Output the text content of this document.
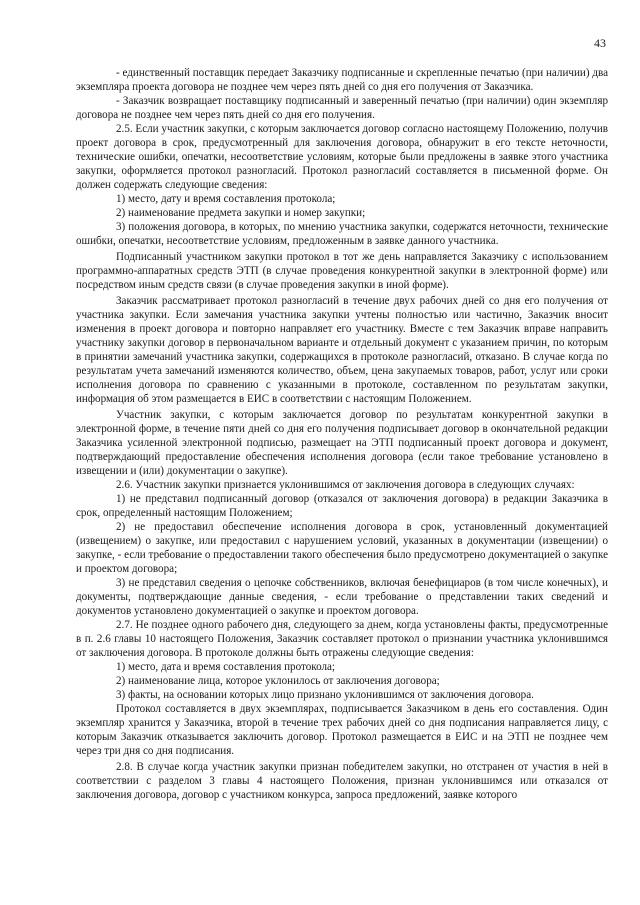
43

- единственный поставщик передает Заказчику подписанные и скрепленные печатью (при наличии) два экземпляра проекта договора не позднее чем через пять дней со дня его получения от Заказчика.

- Заказчик возвращает поставщику подписанный и заверенный печатью (при наличии) один экземпляр договора не позднее чем через пять дней со дня его получения.

2.5. Если участник закупки, с которым заключается договор согласно настоящему Положению, получив проект договора в срок, предусмотренный для заключения договора, обнаружит в его тексте неточности, технические ошибки, опечатки, несоответствие условиям, которые были предложены в заявке этого участника закупки, оформляется протокол разногласий. Протокол разногласий составляется в письменной форме. Он должен содержать следующие сведения:

1) место, дату и время составления протокола;

2) наименование предмета закупки и номер закупки;

3) положения договора, в которых, по мнению участника закупки, содержатся неточности, технические ошибки, опечатки, несоответствие условиям, предложенным в заявке данного участника.

Подписанный участником закупки протокол в тот же день направляется Заказчику с использованием программно-аппаратных средств ЭТП (в случае проведения конкурентной закупки в электронной форме) или посредством иным средств связи (в случае проведения закупки в иной форме).

Заказчик рассматривает протокол разногласий в течение двух рабочих дней со дня его получения от участника закупки. Если замечания участника закупки учтены полностью или частично, Заказчик вносит изменения в проект договора и повторно направляет его участнику. Вместе с тем Заказчик вправе направить участнику закупки договор в первоначальном варианте и отдельный документ с указанием причин, по которым в принятии замечаний участника закупки, содержащихся в протоколе разногласий, отказано. В случае когда по результатам учета замечаний изменяются количество, объем, цена закупаемых товаров, работ, услуг или сроки исполнения договора по сравнению с указанными в протоколе, составленном по результатам закупки, информация об этом размещается в ЕИС в соответствии с настоящим Положением.

Участник закупки, с которым заключается договор по результатам конкурентной закупки в электронной форме, в течение пяти дней со дня его получения подписывает договор в окончательной редакции Заказчика усиленной электронной подписью, размещает на ЭТП подписанный проект договора и документ, подтверждающий предоставление обеспечения исполнения договора (если такое требование установлено в извещении и (или) документации о закупке).

2.6. Участник закупки признается уклонившимся от заключения договора в следующих случаях:

1) не представил подписанный договор (отказался от заключения договора) в редакции Заказчика в срок, определенный настоящим Положением;

2) не предоставил обеспечение исполнения договора в срок, установленный документацией (извещением) о закупке, или предоставил с нарушением условий, указанных в документации (извещении) о закупке, - если требование о предоставлении такого обеспечения было предусмотрено документацией о закупке и проектом договора;

3) не представил сведения о цепочке собственников, включая бенефициаров (в том числе конечных), и документы, подтверждающие данные сведения, - если требование о представлении таких сведений и документов установлено документацией о закупке и проектом договора.

2.7. Не позднее одного рабочего дня, следующего за днем, когда установлены факты, предусмотренные в п. 2.6 главы 10 настоящего Положения, Заказчик составляет протокол о признании участника уклонившимся от заключения договора. В протоколе должны быть отражены следующие сведения:

1) место, дата и время составления протокола;

2) наименование лица, которое уклонилось от заключения договора;

3) факты, на основании которых лицо признано уклонившимся от заключения договора.

Протокол составляется в двух экземплярах, подписывается Заказчиком в день его составления. Один экземпляр хранится у Заказчика, второй в течение трех рабочих дней со дня подписания направляется лицу, с которым Заказчик отказывается заключить договор. Протокол размещается в ЕИС и на ЭТП не позднее чем через три дня со дня подписания.

2.8. В случае когда участник закупки признан победителем закупки, но отстранен от участия в ней в соответствии с разделом 3 главы 4 настоящего Положения, признан уклонившимся или отказался от заключения договора, договор с участником конкурса, запроса предложений, заявке которого
